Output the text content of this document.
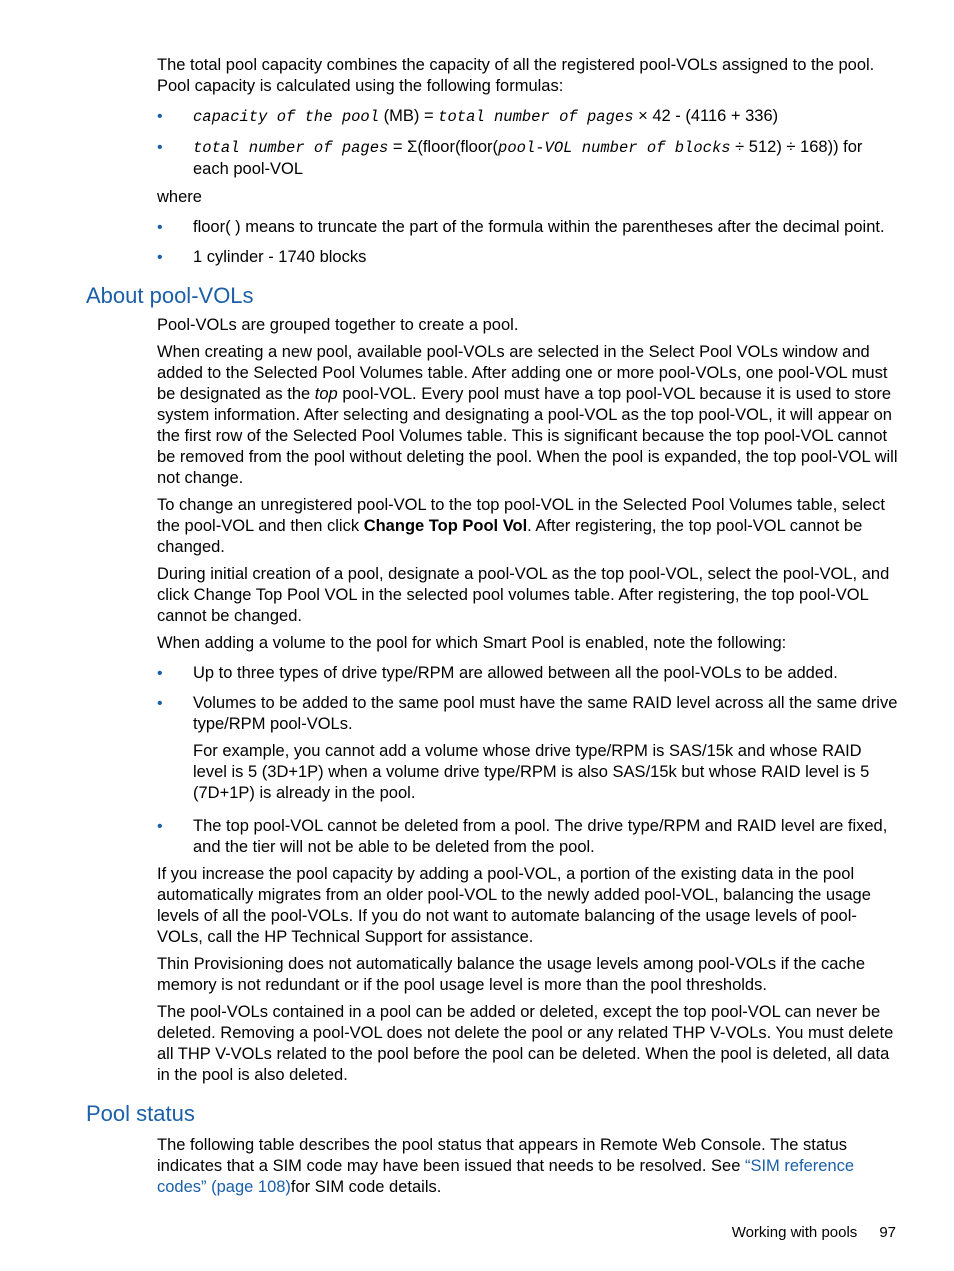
The total pool capacity combines the capacity of all the registered pool-VOLs assigned to the pool. Pool capacity is calculated using the following formulas:

• capacity of the pool (MB) = total number of pages × 42 - (4116 + 336)
• total number of pages = Σ(floor(floor(pool-VOL number of blocks ÷ 512) ÷ 168)) for each pool-VOL

where

• floor( ) means to truncate the part of the formula within the parentheses after the decimal point.
• 1 cylinder - 1740 blocks
About pool-VOLs

Pool-VOLs are grouped together to create a pool.

When creating a new pool, available pool-VOLs are selected in the Select Pool VOLs window and added to the Selected Pool Volumes table. After adding one or more pool-VOLs, one pool-VOL must be designated as the top pool-VOL. Every pool must have a top pool-VOL because it is used to store system information. After selecting and designating a pool-VOL as the top pool-VOL, it will appear on the first row of the Selected Pool Volumes table. This is significant because the top pool-VOL cannot be removed from the pool without deleting the pool. When the pool is expanded, the top pool-VOL will not change.

To change an unregistered pool-VOL to the top pool-VOL in the Selected Pool Volumes table, select the pool-VOL and then click Change Top Pool Vol. After registering, the top pool-VOL cannot be changed.

During initial creation of a pool, designate a pool-VOL as the top pool-VOL, select the pool-VOL, and click Change Top Pool VOL in the selected pool volumes table. After registering, the top pool-VOL cannot be changed.

When adding a volume to the pool for which Smart Pool is enabled, note the following:

• Up to three types of drive type/RPM are allowed between all the pool-VOLs to be added.
• Volumes to be added to the same pool must have the same RAID level across all the same drive type/RPM pool-VOLs.

For example, you cannot add a volume whose drive type/RPM is SAS/15k and whose RAID level is 5 (3D+1P) when a volume drive type/RPM is also SAS/15k but whose RAID level is 5 (7D+1P) is already in the pool.

• The top pool-VOL cannot be deleted from a pool. The drive type/RPM and RAID level are fixed, and the tier will not be able to be deleted from the pool.

If you increase the pool capacity by adding a pool-VOL, a portion of the existing data in the pool automatically migrates from an older pool-VOL to the newly added pool-VOL, balancing the usage levels of all the pool-VOLs. If you do not want to automate balancing of the usage levels of pool-VOLs, call the HP Technical Support for assistance.

Thin Provisioning does not automatically balance the usage levels among pool-VOLs if the cache memory is not redundant or if the pool usage level is more than the pool thresholds.

The pool-VOLs contained in a pool can be added or deleted, except the top pool-VOL can never be deleted. Removing a pool-VOL does not delete the pool or any related THP V-VOLs. You must delete all THP V-VOLs related to the pool before the pool can be deleted. When the pool is deleted, all data in the pool is also deleted.

Pool status

The following table describes the pool status that appears in Remote Web Console. The status indicates that a SIM code may have been issued that needs to be resolved. See “SIM reference codes” (page 108)for SIM code details.

Working with pools 97
